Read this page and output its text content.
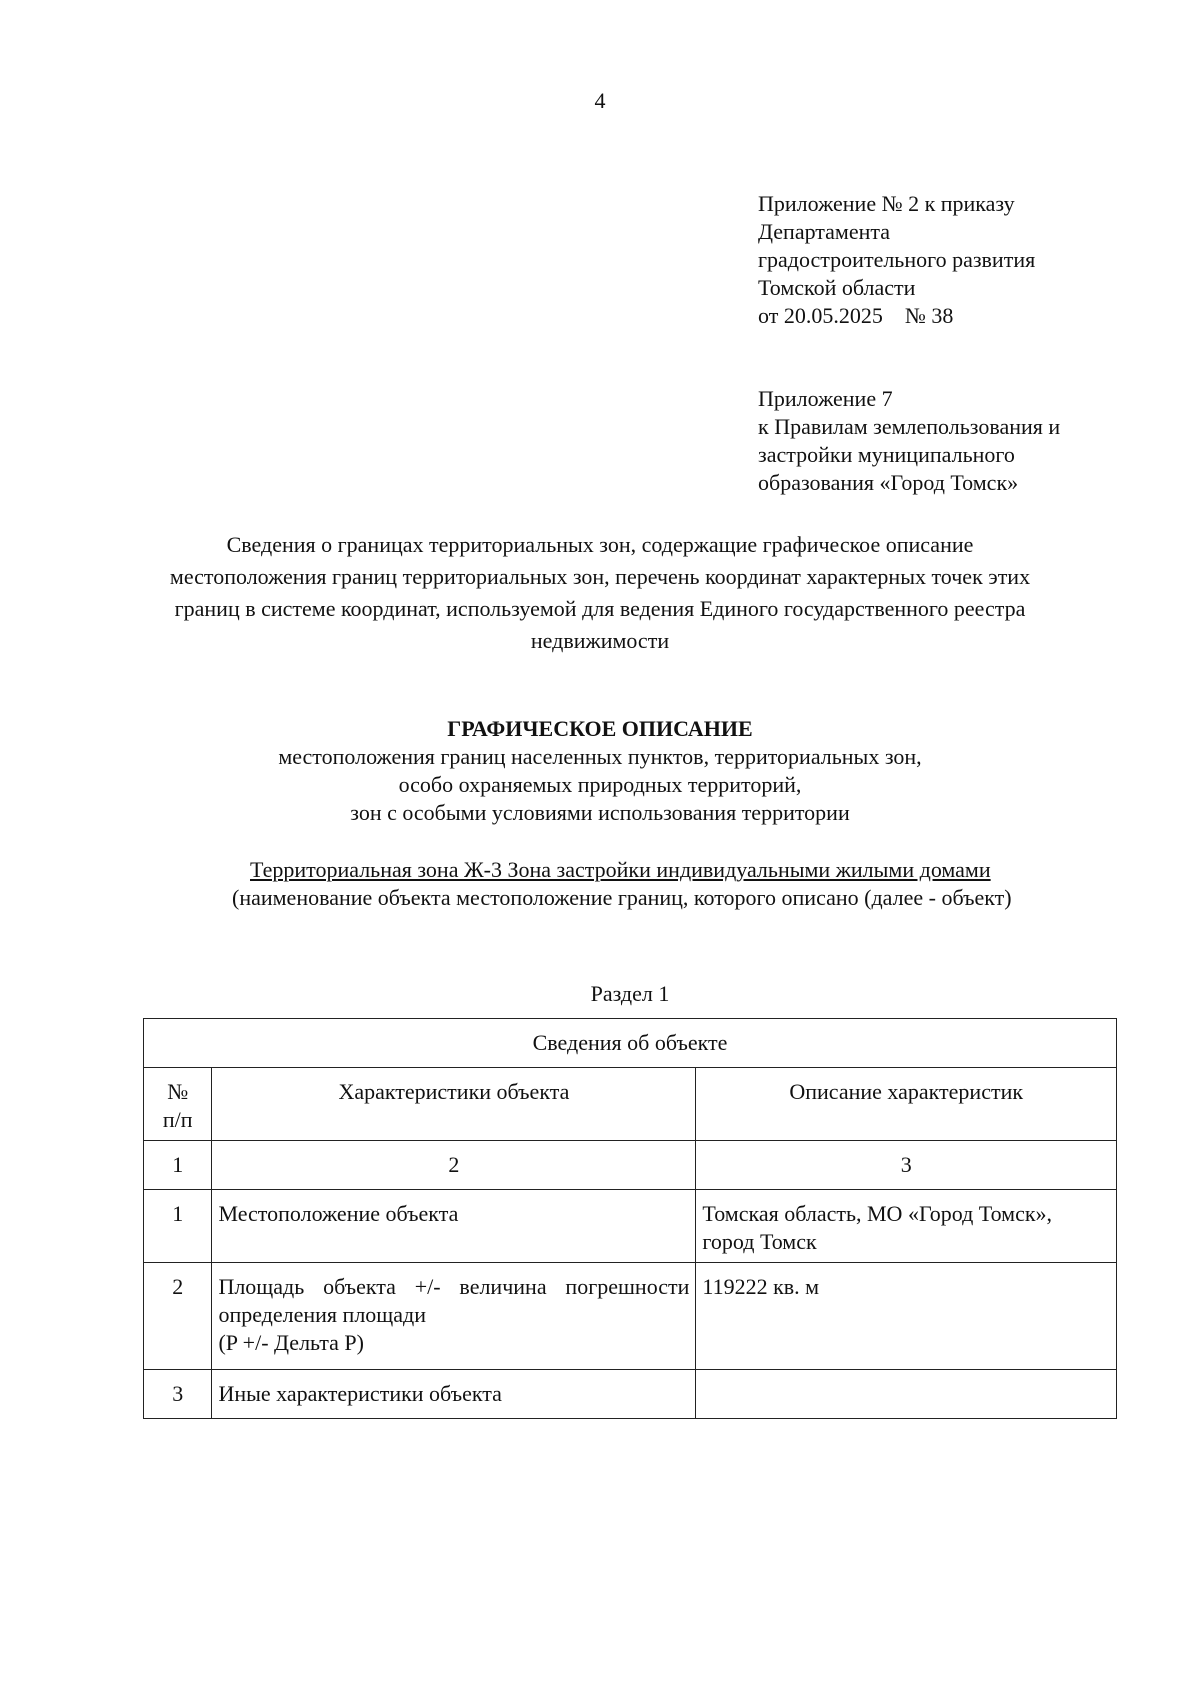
4
Приложение № 2 к приказу
Департамента
градостроительного развития
Томской области
от 20.05.2025    № 38
Приложение 7
к Правилам землепользования и
застройки муниципального
образования «Город Томск»
Сведения о границах территориальных зон, содержащие графическое описание
местоположения границ территориальных зон, перечень координат характерных точек этих
границ в системе координат, используемой для ведения Единого государственного реестра
недвижимости
ГРАФИЧЕСКОЕ ОПИСАНИЕ
местоположения границ населенных пунктов, территориальных зон,
особо охраняемых природных территорий,
зон с особыми условиями использования территории
Территориальная зона Ж-3 Зона застройки индивидуальными жилыми домами
(наименование объекта местоположение границ, которого описано (далее - объект)
Раздел 1
Сведения об объекте		

№
п/п	Характеристики объекта	Описание характеристик
1	2	3
1	Местоположение объекта	Томская область, МО «Город Томск»,
город Томск

2	Площадь объекта +/- величина погрешности
определения площади
(P +/- Дельта P)	119222 кв. м
3	Иные характеристики объекта	
